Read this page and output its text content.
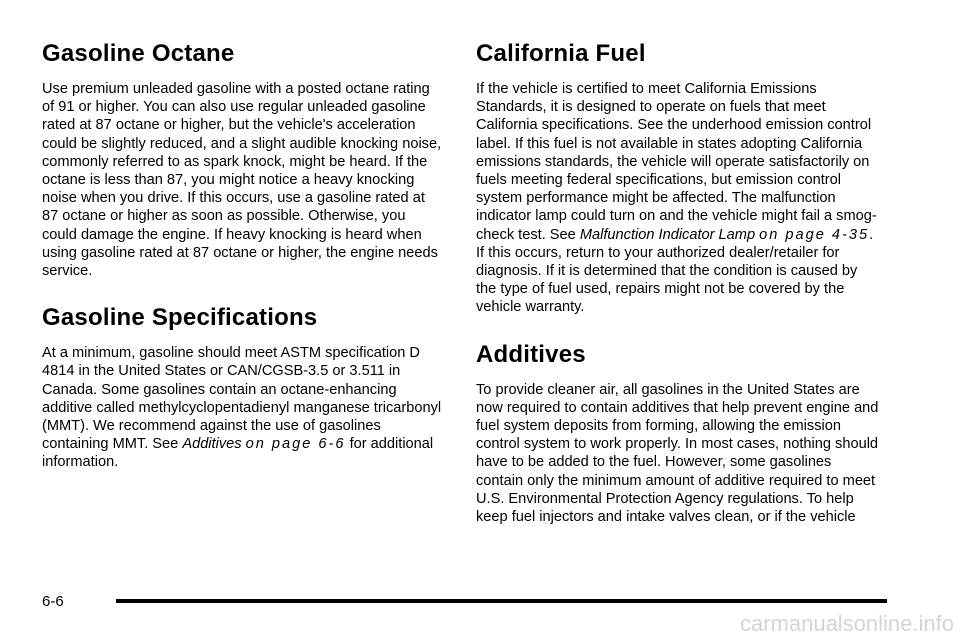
Gasoline Octane

Use premium unleaded gasoline with a posted octane rating of 91 or higher. You can also use regular unleaded gasoline rated at 87 octane or higher, but the vehicle's acceleration could be slightly reduced, and a slight audible knocking noise, commonly referred to as spark knock, might be heard. If the octane is less than 87, you might notice a heavy knocking noise when you drive. If this occurs, use a gasoline rated at 87 octane or higher as soon as possible. Otherwise, you could damage the engine. If heavy knocking is heard when using gasoline rated at 87 octane or higher, the engine needs service.

Gasoline Specifications

At a minimum, gasoline should meet ASTM specification D 4814 in the United States or CAN/CGSB-3.5 or 3.511 in Canada. Some gasolines contain an octane-enhancing additive called methylcyclopentadienyl manganese tricarbonyl (MMT). We recommend against the use of gasolines containing MMT. See Additives on page 6-6 for additional information.

California Fuel

If the vehicle is certified to meet California Emissions Standards, it is designed to operate on fuels that meet California specifications. See the underhood emission control label. If this fuel is not available in states adopting California emissions standards, the vehicle will operate satisfactorily on fuels meeting federal specifications, but emission control system performance might be affected. The malfunction indicator lamp could turn on and the vehicle might fail a smog-check test. See Malfunction Indicator Lamp on page 4-35. If this occurs, return to your authorized dealer/retailer for diagnosis. If it is determined that the condition is caused by the type of fuel used, repairs might not be covered by the vehicle warranty.

Additives

To provide cleaner air, all gasolines in the United States are now required to contain additives that help prevent engine and fuel system deposits from forming, allowing the emission control system to work properly. In most cases, nothing should have to be added to the fuel. However, some gasolines contain only the minimum amount of additive required to meet U.S. Environmental Protection Agency regulations. To help keep fuel injectors and intake valves clean, or if the vehicle

6-6
carmanualsonline.info
